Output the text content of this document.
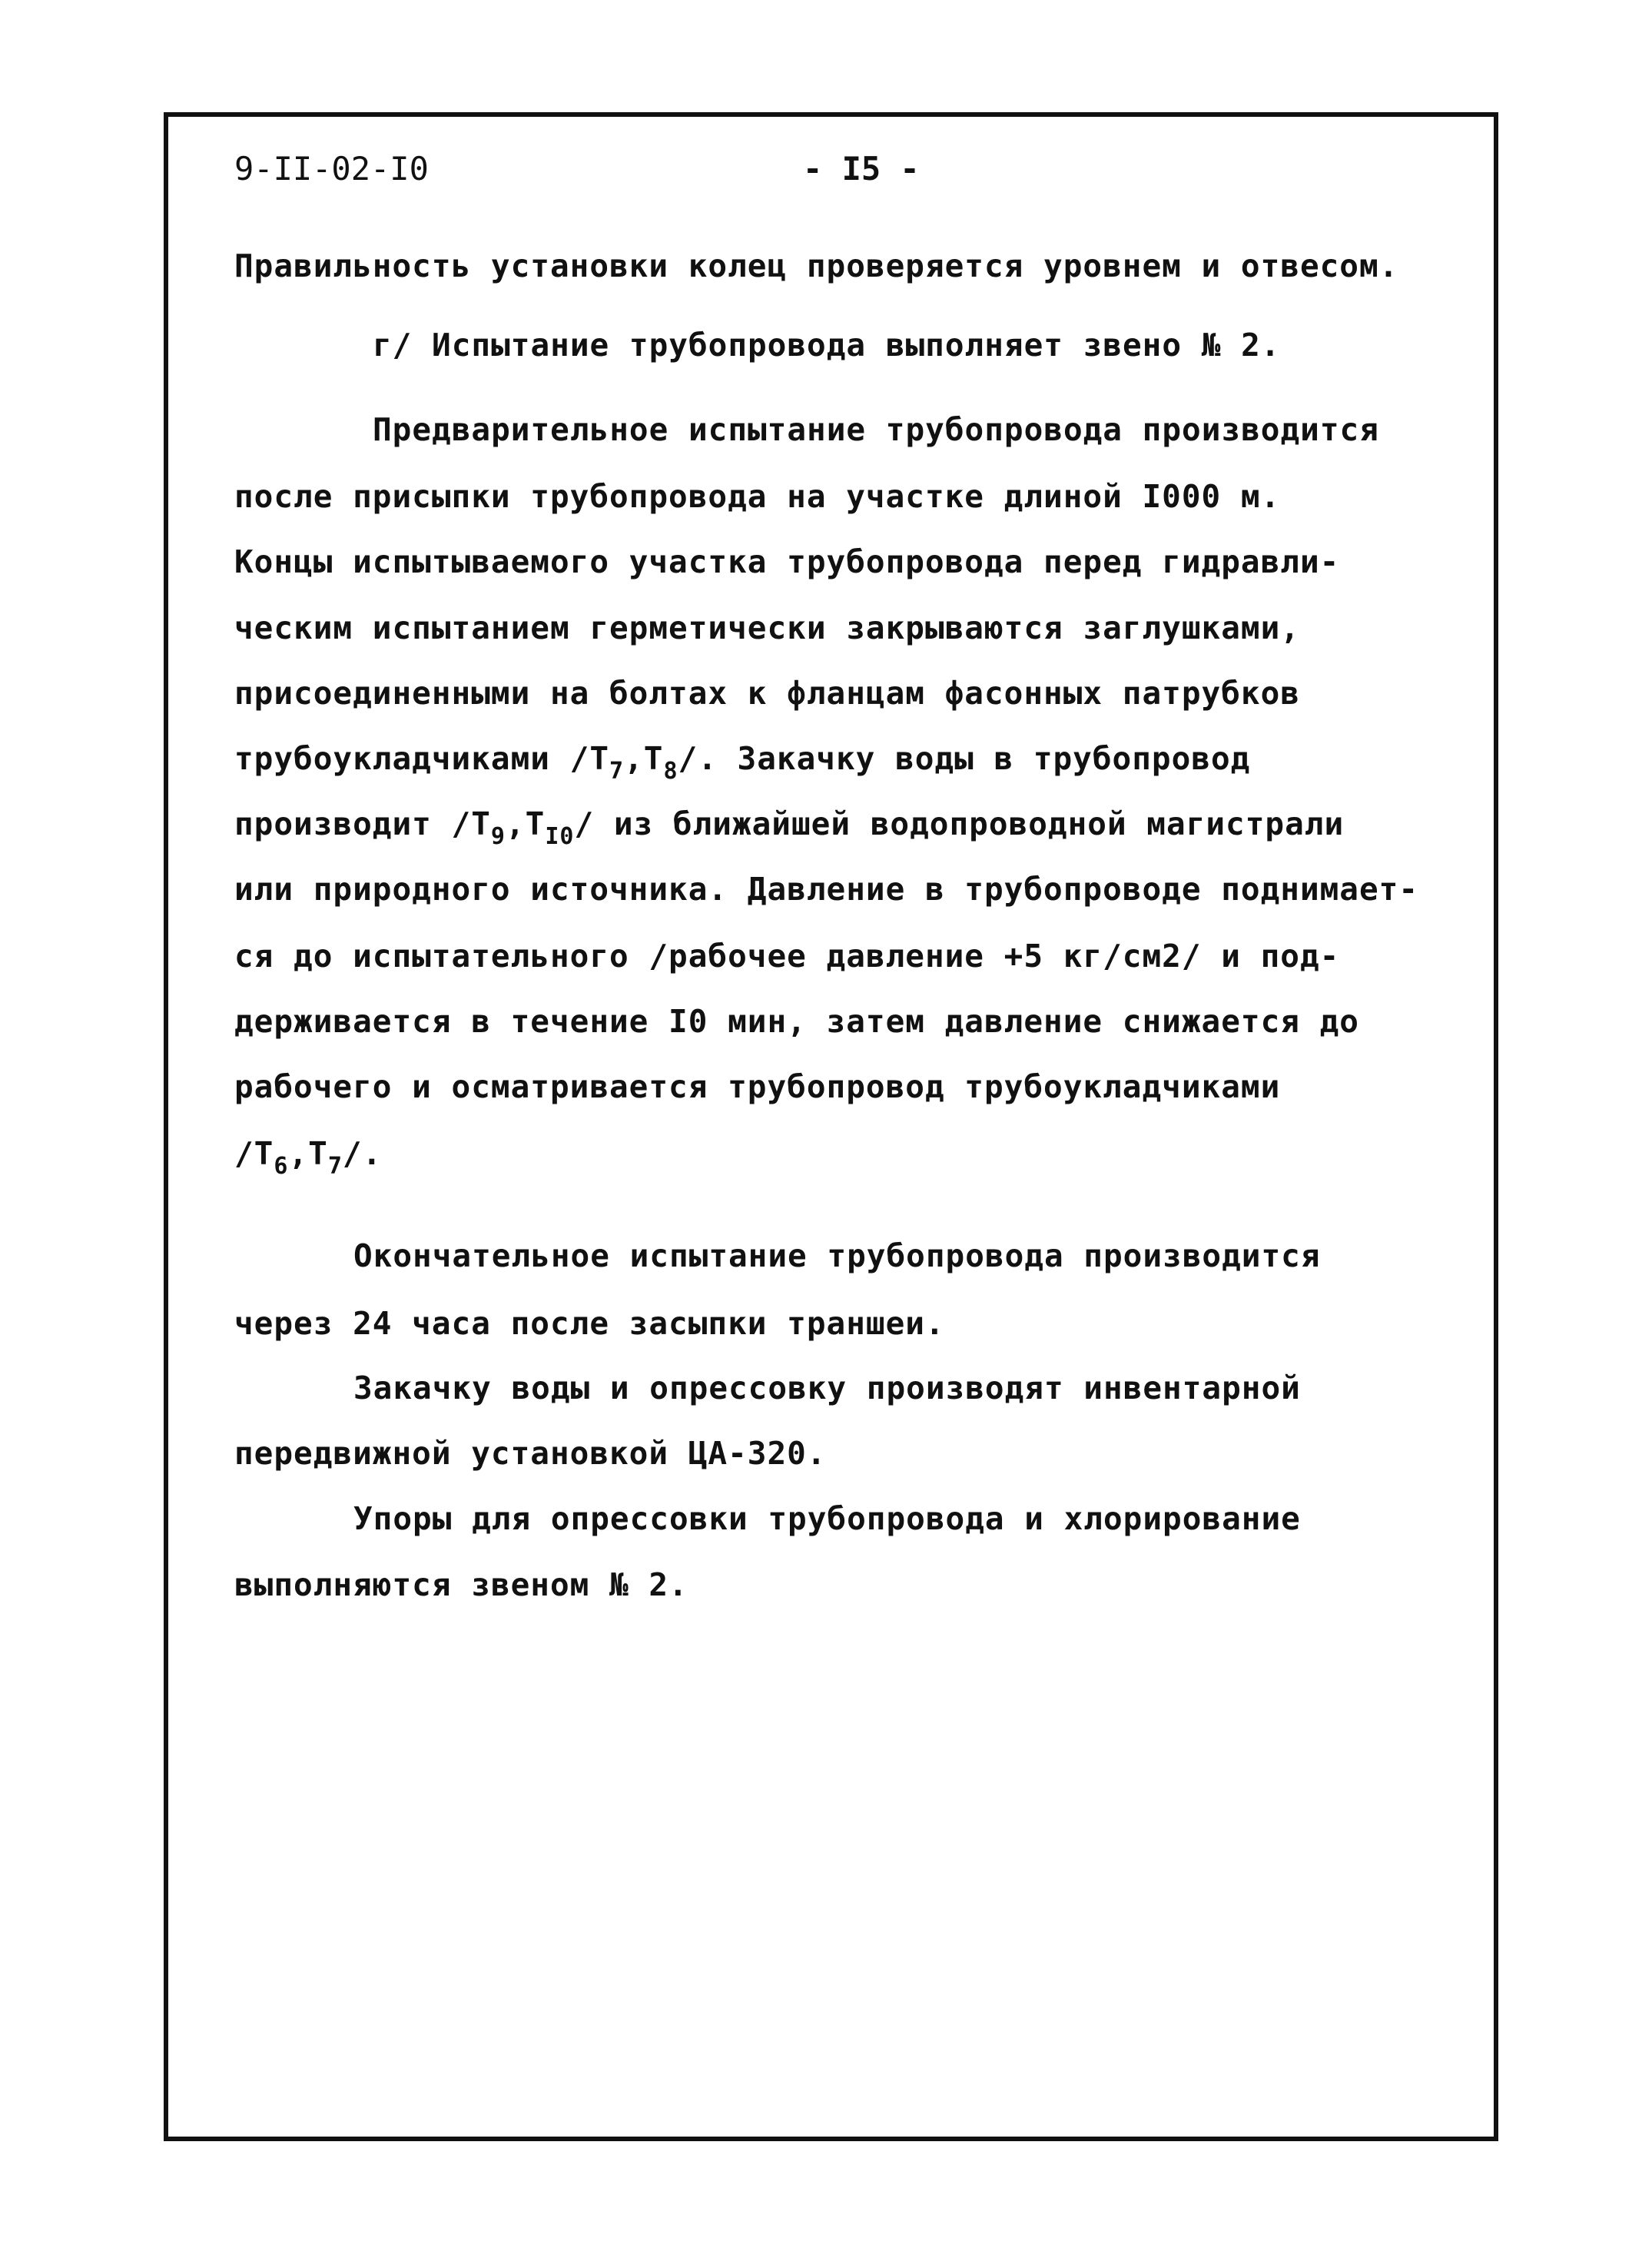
9-II-02-I0	- I5 -
Правильность установки колец проверяется уровнем и отвесом.
г/ Испытание трубопровода выполняет звено № 2.
Предварительное испытание трубопровода производится
после присыпки трубопровода на участке длиной I000 м.
Концы испытываемого участка трубопровода перед гидравли-
ческим испытанием герметически закрываются заглушками,
присоединенными на болтах к фланцам фасонных патрубков
трубоукладчиками $/Т_7,Т_8/$. Закачку воды в трубопровод
производит $/Т_9,Т_{I0}/$ из ближайшей водопроводной магистрали
или природного источника. Давление в трубопроводе поднимает-
ся до испытательного /рабочее давление +5 кг/см2/ и под-
держивается в течение I0 мин, затем давление снижается до
рабочего и осматривается трубопровод трубоукладчиками
$/Т_6,Т_7/$.
Окончательное испытание трубопровода производится
через 24 часа после засыпки траншеи.
Закачку воды и опрессовку производят инвентарной
передвижной установкой ЦА-320.
Упоры для опрессовки трубопровода и хлорирование
выполняются звеном № 2.
